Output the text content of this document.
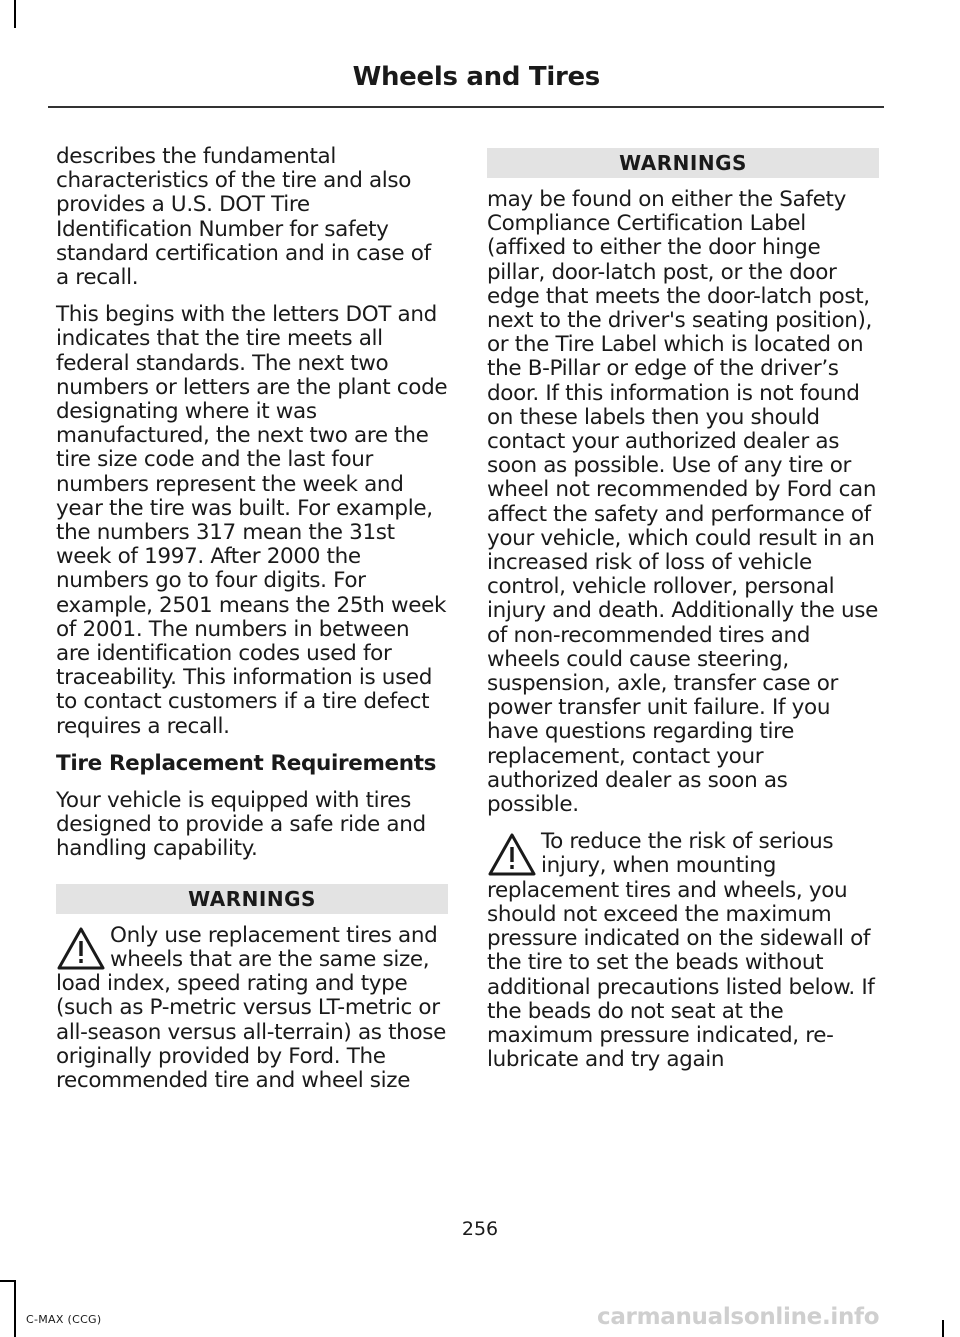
Wheels and Tires

describes the fundamental characteristics of the tire and also provides a U.S. DOT Tire Identification Number for safety standard certification and in case of a recall.

This begins with the letters DOT and indicates that the tire meets all federal standards. The next two numbers or letters are the plant code designating where it was manufactured, the next two are the tire size code and the last four numbers represent the week and year the tire was built. For example, the numbers 317 mean the 31st week of 1997. After 2000 the numbers go to four digits. For example, 2501 means the 25th week of 2001. The numbers in between are identification codes used for traceability. This information is used to contact customers if a tire defect requires a recall.

Tire Replacement Requirements

Your vehicle is equipped with tires designed to provide a safe ride and handling capability.

WARNINGS
Only use replacement tires and wheels that are the same size, load index, speed rating and type (such as P-metric versus LT-metric or all-season versus all-terrain) as those originally provided by Ford. The recommended tire and wheel size
WARNINGS

may be found on either the Safety Compliance Certification Label (affixed to either the door hinge pillar, door-latch post, or the door edge that meets the door-latch post, next to the driver's seating position), or the Tire Label which is located on the B-Pillar or edge of the driver’s door. If this information is not found on these labels then you should contact your authorized dealer as soon as possible. Use of any tire or wheel not recommended by Ford can affect the safety and performance of your vehicle, which could result in an increased risk of loss of vehicle control, vehicle rollover, personal injury and death. Additionally the use of non-recommended tires and wheels could cause steering, suspension, axle, transfer case or power transfer unit failure. If you have questions regarding tire replacement, contact your authorized dealer as soon as possible.

To reduce the risk of serious injury, when mounting replacement tires and wheels, you should not exceed the maximum pressure indicated on the sidewall of the tire to set the beads without additional precautions listed below. If the beads do not seat at the maximum pressure indicated, re-lubricate and try again
256
C-MAX (CCG)	carmanualsonline.info
